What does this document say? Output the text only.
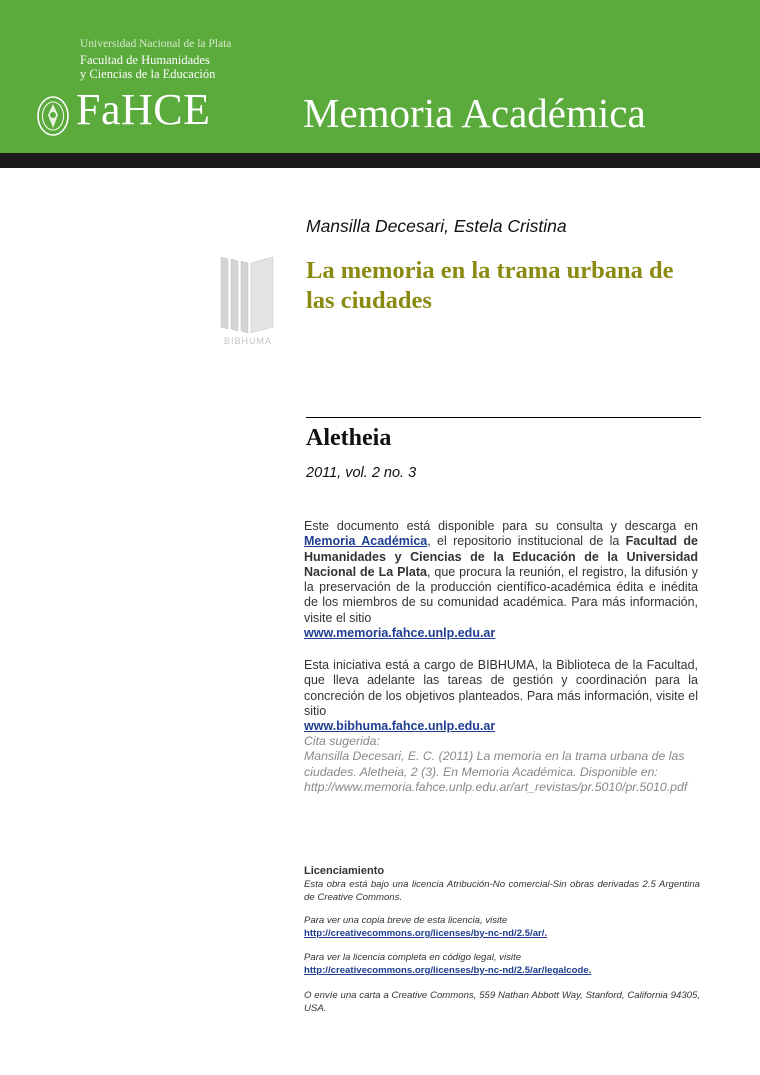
Universidad Nacional de la Plata
Facultad de Humanidades
y Ciencias de la Educación
FaHCE Memoria Académica
BIBHUMA
Mansilla Decesari, Estela Cristina
La memoria en la trama urbana de las ciudades
Aletheia
2011, vol. 2 no. 3
Este documento está disponible para su consulta y descarga en Memoria Académica, el repositorio institucional de la Facultad de Humanidades y Ciencias de la Educación de la Universidad Nacional de La Plata, que procura la reunión, el registro, la difusión y la preservación de la producción científico-académica édita e inédita de los miembros de su comunidad académica. Para más información, visite el sitio
www.memoria.fahce.unlp.edu.ar
Esta iniciativa está a cargo de BIBHUMA, la Biblioteca de la Facultad, que lleva adelante las tareas de gestión y coordinación para la concreción de los objetivos planteados. Para más información, visite el sitio
www.bibhuma.fahce.unlp.edu.ar
Cita sugerida:
Mansilla Decesari, E. C. (2011) La memoria en la trama urbana de las ciudades. Aletheia, 2 (3). En Memoria Académica. Disponible en: http://www.memoria.fahce.unlp.edu.ar/art_revistas/pr.5010/pr.5010.pdf
Licenciamiento
Esta obra está bajo una licencia Atribución-No comercial-Sin obras derivadas 2.5 Argentina de Creative Commons.
Para ver una copia breve de esta licencia, visite
http://creativecommons.org/licenses/by-nc-nd/2.5/ar/.
Para ver la licencia completa en código legal, visite
http://creativecommons.org/licenses/by-nc-nd/2.5/ar/legalcode.
O envíe una carta a Creative Commons, 559 Nathan Abbott Way, Stanford, California 94305, USA.
